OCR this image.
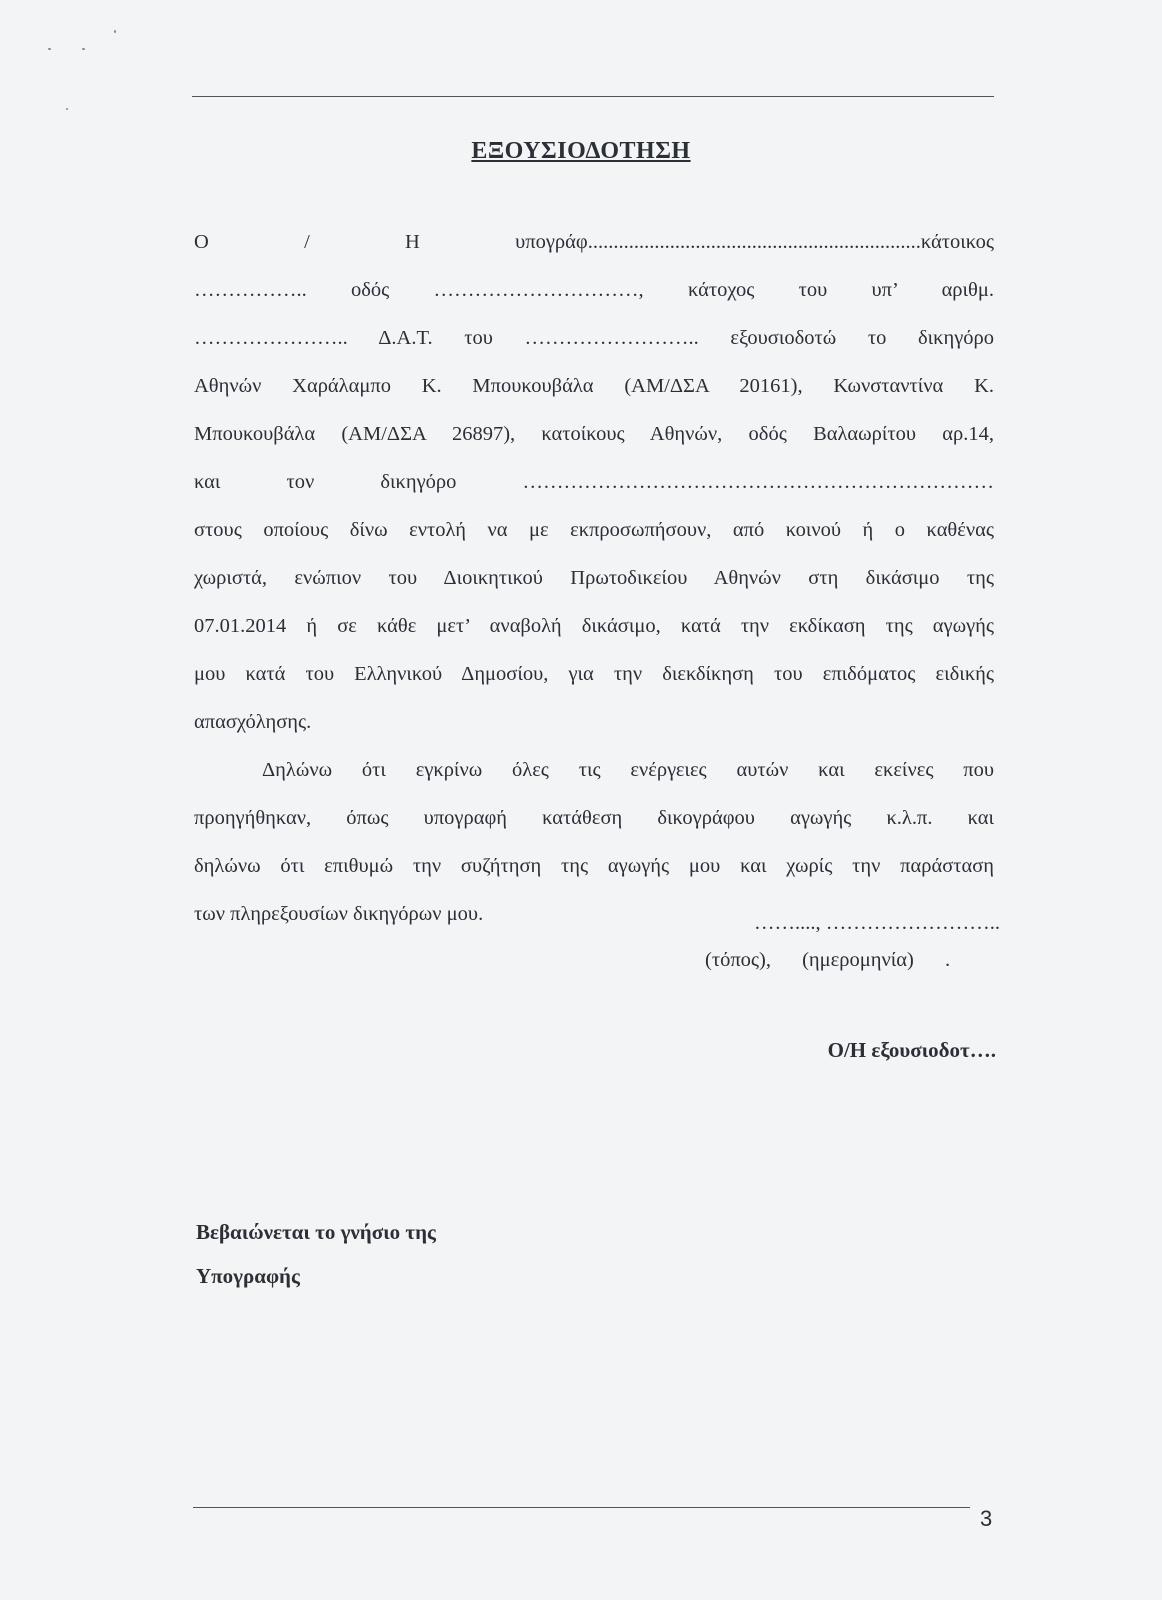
ΕΞΟΥΣΙΟΔΟΤΗΣΗ
Ο / Η υπογράφ.................................................................κάτοικος
…………….. οδός …………………………, κάτοχος του υπ’ αριθμ.
………………….. Δ.Α.Τ. του …………………….. εξουσιοδοτώ το δικηγόρο
Αθηνών Χαράλαμπο Κ. Μπουκουβάλα (ΑΜ/ΔΣΑ 20161), Κωνσταντίνα Κ.
Μπουκουβάλα (ΑΜ/ΔΣΑ 26897), κατοίκους Αθηνών, οδός Βαλαωρίτου αρ.14,
και τον δικηγόρο ……………………………………………………………
στους οποίους δίνω εντολή να με εκπροσωπήσουν, από κοινού ή ο καθένας
χωριστά, ενώπιον του Διοικητικού Πρωτοδικείου Αθηνών στη δικάσιμο της
07.01.2014 ή σε κάθε μετ’ αναβολή δικάσιμο, κατά την εκδίκαση της αγωγής
μου κατά του Ελληνικού Δημοσίου, για την διεκδίκηση του επιδόματος ειδικής
απασχόλησης.
Δηλώνω ότι εγκρίνω όλες τις ενέργειες αυτών και εκείνες που
προηγήθηκαν, όπως υπογραφή κατάθεση δικογράφου αγωγής κ.λ.π. και
δηλώνω ότι επιθυμώ την συζήτηση της αγωγής μου και χωρίς την παράσταση
των πληρεξουσίων δικηγόρων μου.	……...., ……………………..
(τόπος), (ημερομηνία) .
Ο/Η εξουσιοδοτ….
Βεβαιώνεται το γνήσιο της
Υπογραφής
3
